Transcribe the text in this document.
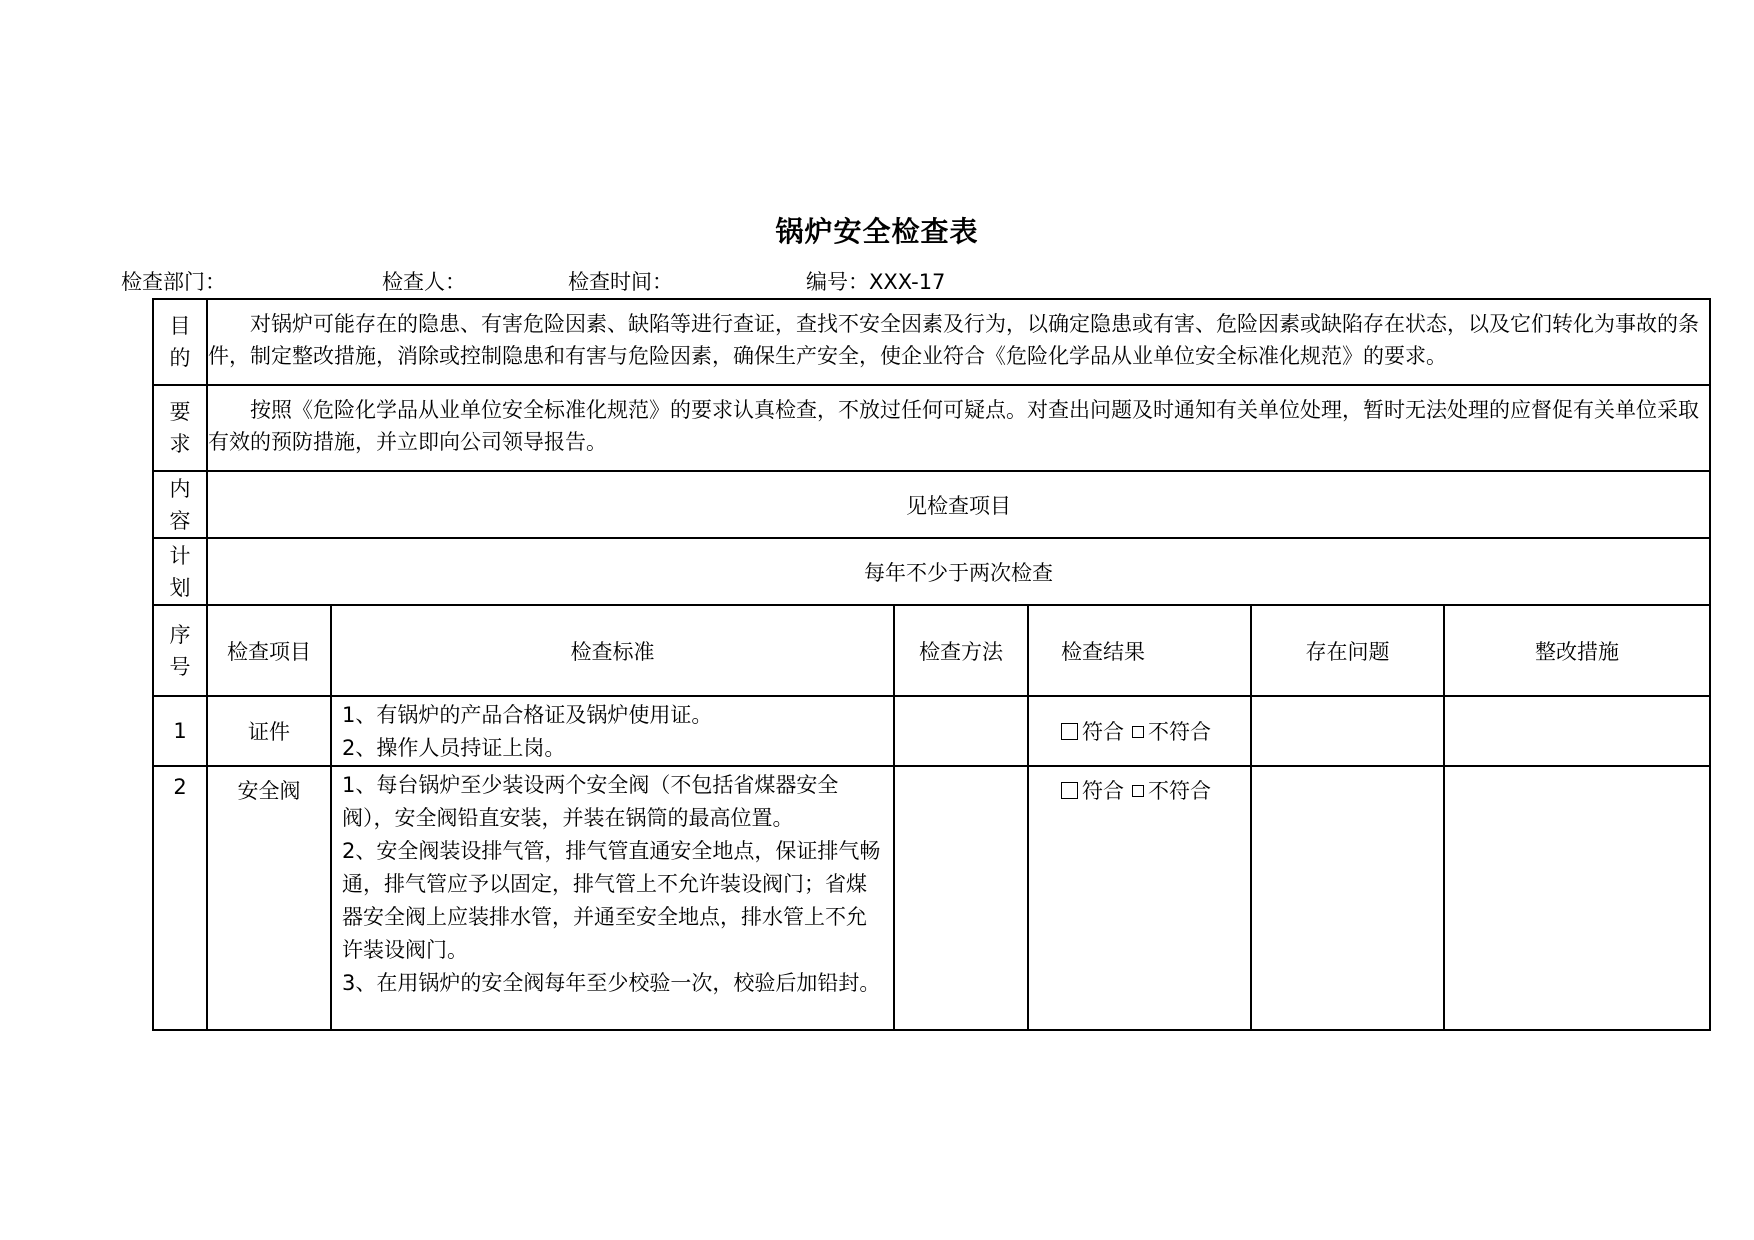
锅炉安全检查表
检查部门：	检查人：	检查时间：	编号：XXX-17
目
的	对锅炉可能存在的隐患、有害危险因素、缺陷等进行查证，查找不安全因素及行为，以确定隐患或有害、危险因素或缺陷存在状态，以及它们转化为事故的条件，制定整改措施，消除或控制隐患和有害与危险因素，确保生产安全，使企业符合《危险化学品从业单位安全标准化规范》的要求。					

要
求	按照《危险化学品从业单位安全标准化规范》的要求认真检查，不放过任何可疑点。对查出问题及时通知有关单位处理，暂时无法处理的应督促有关单位采取有效的预防措施，并立即向公司领导报告。					

内
容	见检查项目					

计
划	每年不少于两次检查					

序
号	检查项目	检查标准	检查方法	检查结果	存在问题	整改措施
1	证件	1、有锅炉的产品合格证及锅炉使用证。
2、操作人员持证上岗。		符合 不符合		
2	安全阀	1、每台锅炉至少装设两个安全阀（不包括省煤器安全阀），安全阀铅直安装，并装在锅筒的最高位置。
2、安全阀装设排气管，排气管直通安全地点，保证排气畅通，排气管应予以固定，排气管上不允许装设阀门；省煤器安全阀上应装排水管，并通至安全地点，排水管上不允许装设阀门。
3、在用锅炉的安全阀每年至少校验一次，校验后加铅封。		符合 不符合		
